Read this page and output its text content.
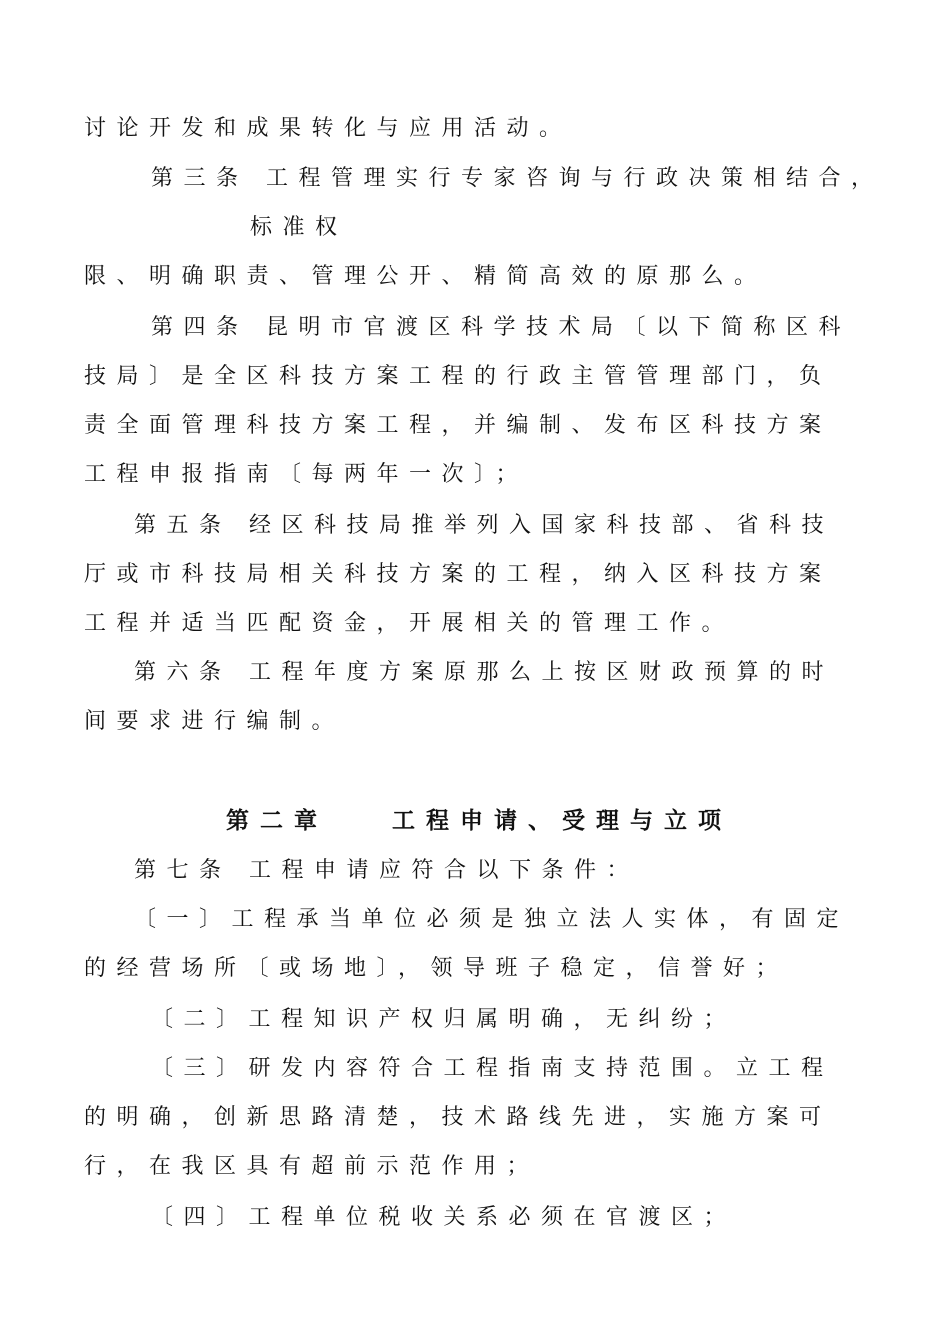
讨论开发和成果转化与应用活动。
第三条 工程管理实行专家咨询与行政决策相结合，
标准权
限、明确职责、管理公开、精简高效的原那么。
第四条 昆明市官渡区科学技术局〔以下简称区科
技局〕是全区科技方案工程的行政主管管理部门，负
责全面管理科技方案工程，并编制、发布区科技方案
工程申报指南〔每两年一次〕；
第五条 经区科技局推举列入国家科技部、省科技
厅或市科技局相关科技方案的工程，纳入区科技方案
工程并适当匹配资金，开展相关的管理工作。
第六条 工程年度方案原那么上按区财政预算的时
间要求进行编制。
第二章	工程申请、受理与立项
第七条 工程申请应符合以下条件：
〔一〕工程承当单位必须是独立法人实体，有固定
的经营场所〔或场地〕，领导班子稳定，信誉好；
〔二〕工程知识产权归属明确，无纠纷；
〔三〕研发内容符合工程指南支持范围。立工程
的明确，创新思路清楚，技术路线先进，实施方案可
行，在我区具有超前示范作用；
〔四〕工程单位税收关系必须在官渡区；
